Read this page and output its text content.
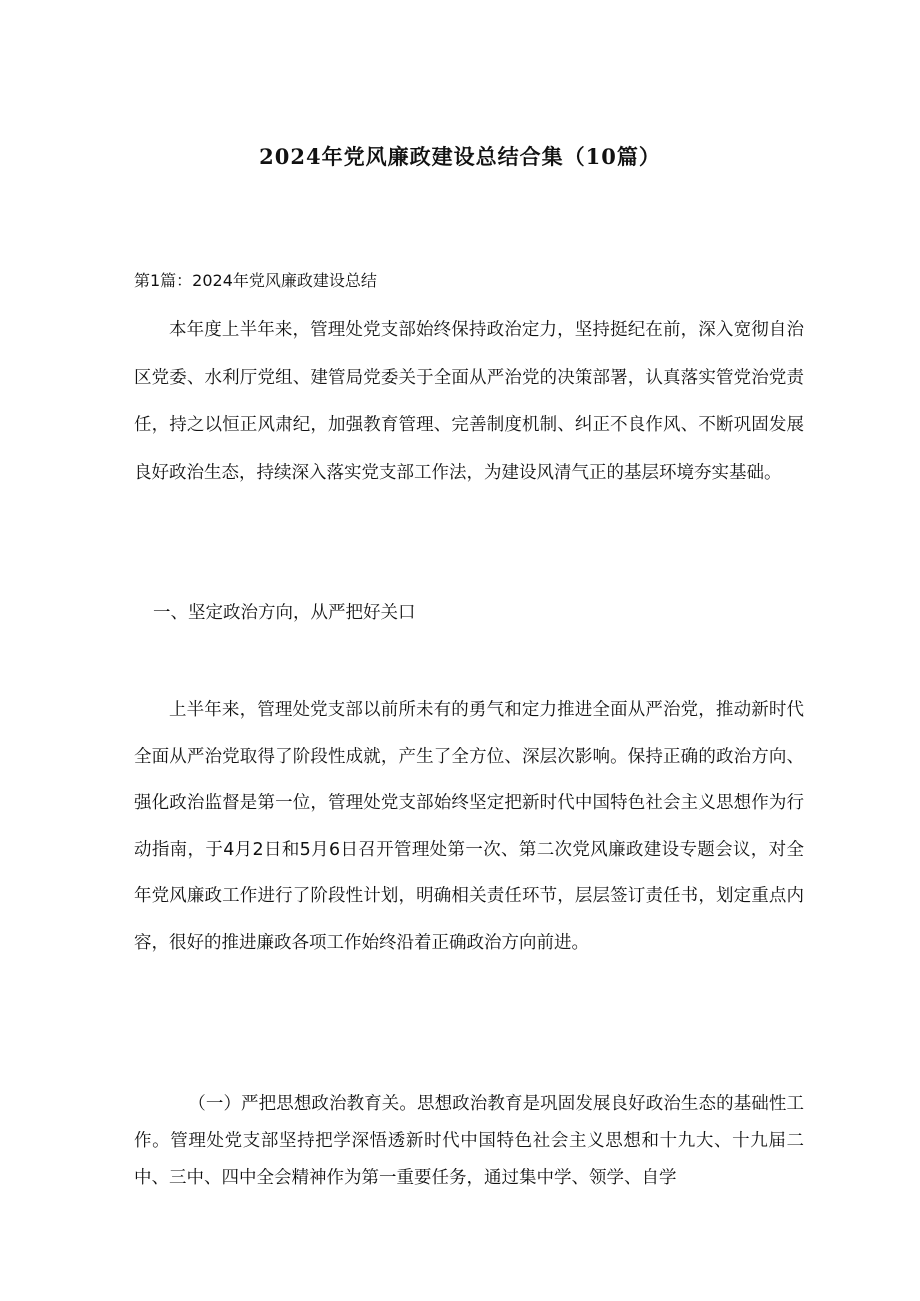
2024年党风廉政建设总结合集（10篇）

第1篇：2024年党风廉政建设总结

本年度上半年来，管理处党支部始终保持政治定力，坚持挺纪在前，深入宽彻自治区党委、水利厅党组、建管局党委关于全面从严治党的决策部署，认真落实管党治党责任，持之以恒正风肃纪，加强教育管理、完善制度机制、纠正不良作风、不断巩固发展良好政治生态，持续深入落实党支部工作法，为建设风清气正的基层环境夯实基础。

一、坚定政治方向，从严把好关口

上半年来，管理处党支部以前所未有的勇气和定力推进全面从严治党，推动新时代全面从严治党取得了阶段性成就，产生了全方位、深层次影响。保持正确的政治方向、强化政治监督是第一位，管理处党支部始终坚定把新时代中国特色社会主义思想作为行动指南，于4月2日和5月6日召开管理处第一次、第二次党风廉政建设专题会议，对全年党风廉政工作进行了阶段性计划，明确相关责任环节，层层签订责任书，划定重点内容，很好的推进廉政各项工作始终沿着正确政治方向前进。

（一）严把思想政治教育关。思想政治教育是巩固发展良好政治生态的基础性工作。管理处党支部坚持把学深悟透新时代中国特色社会主义思想和十九大、十九届二中、三中、四中全会精神作为第一重要任务，通过集中学、领学、自学
